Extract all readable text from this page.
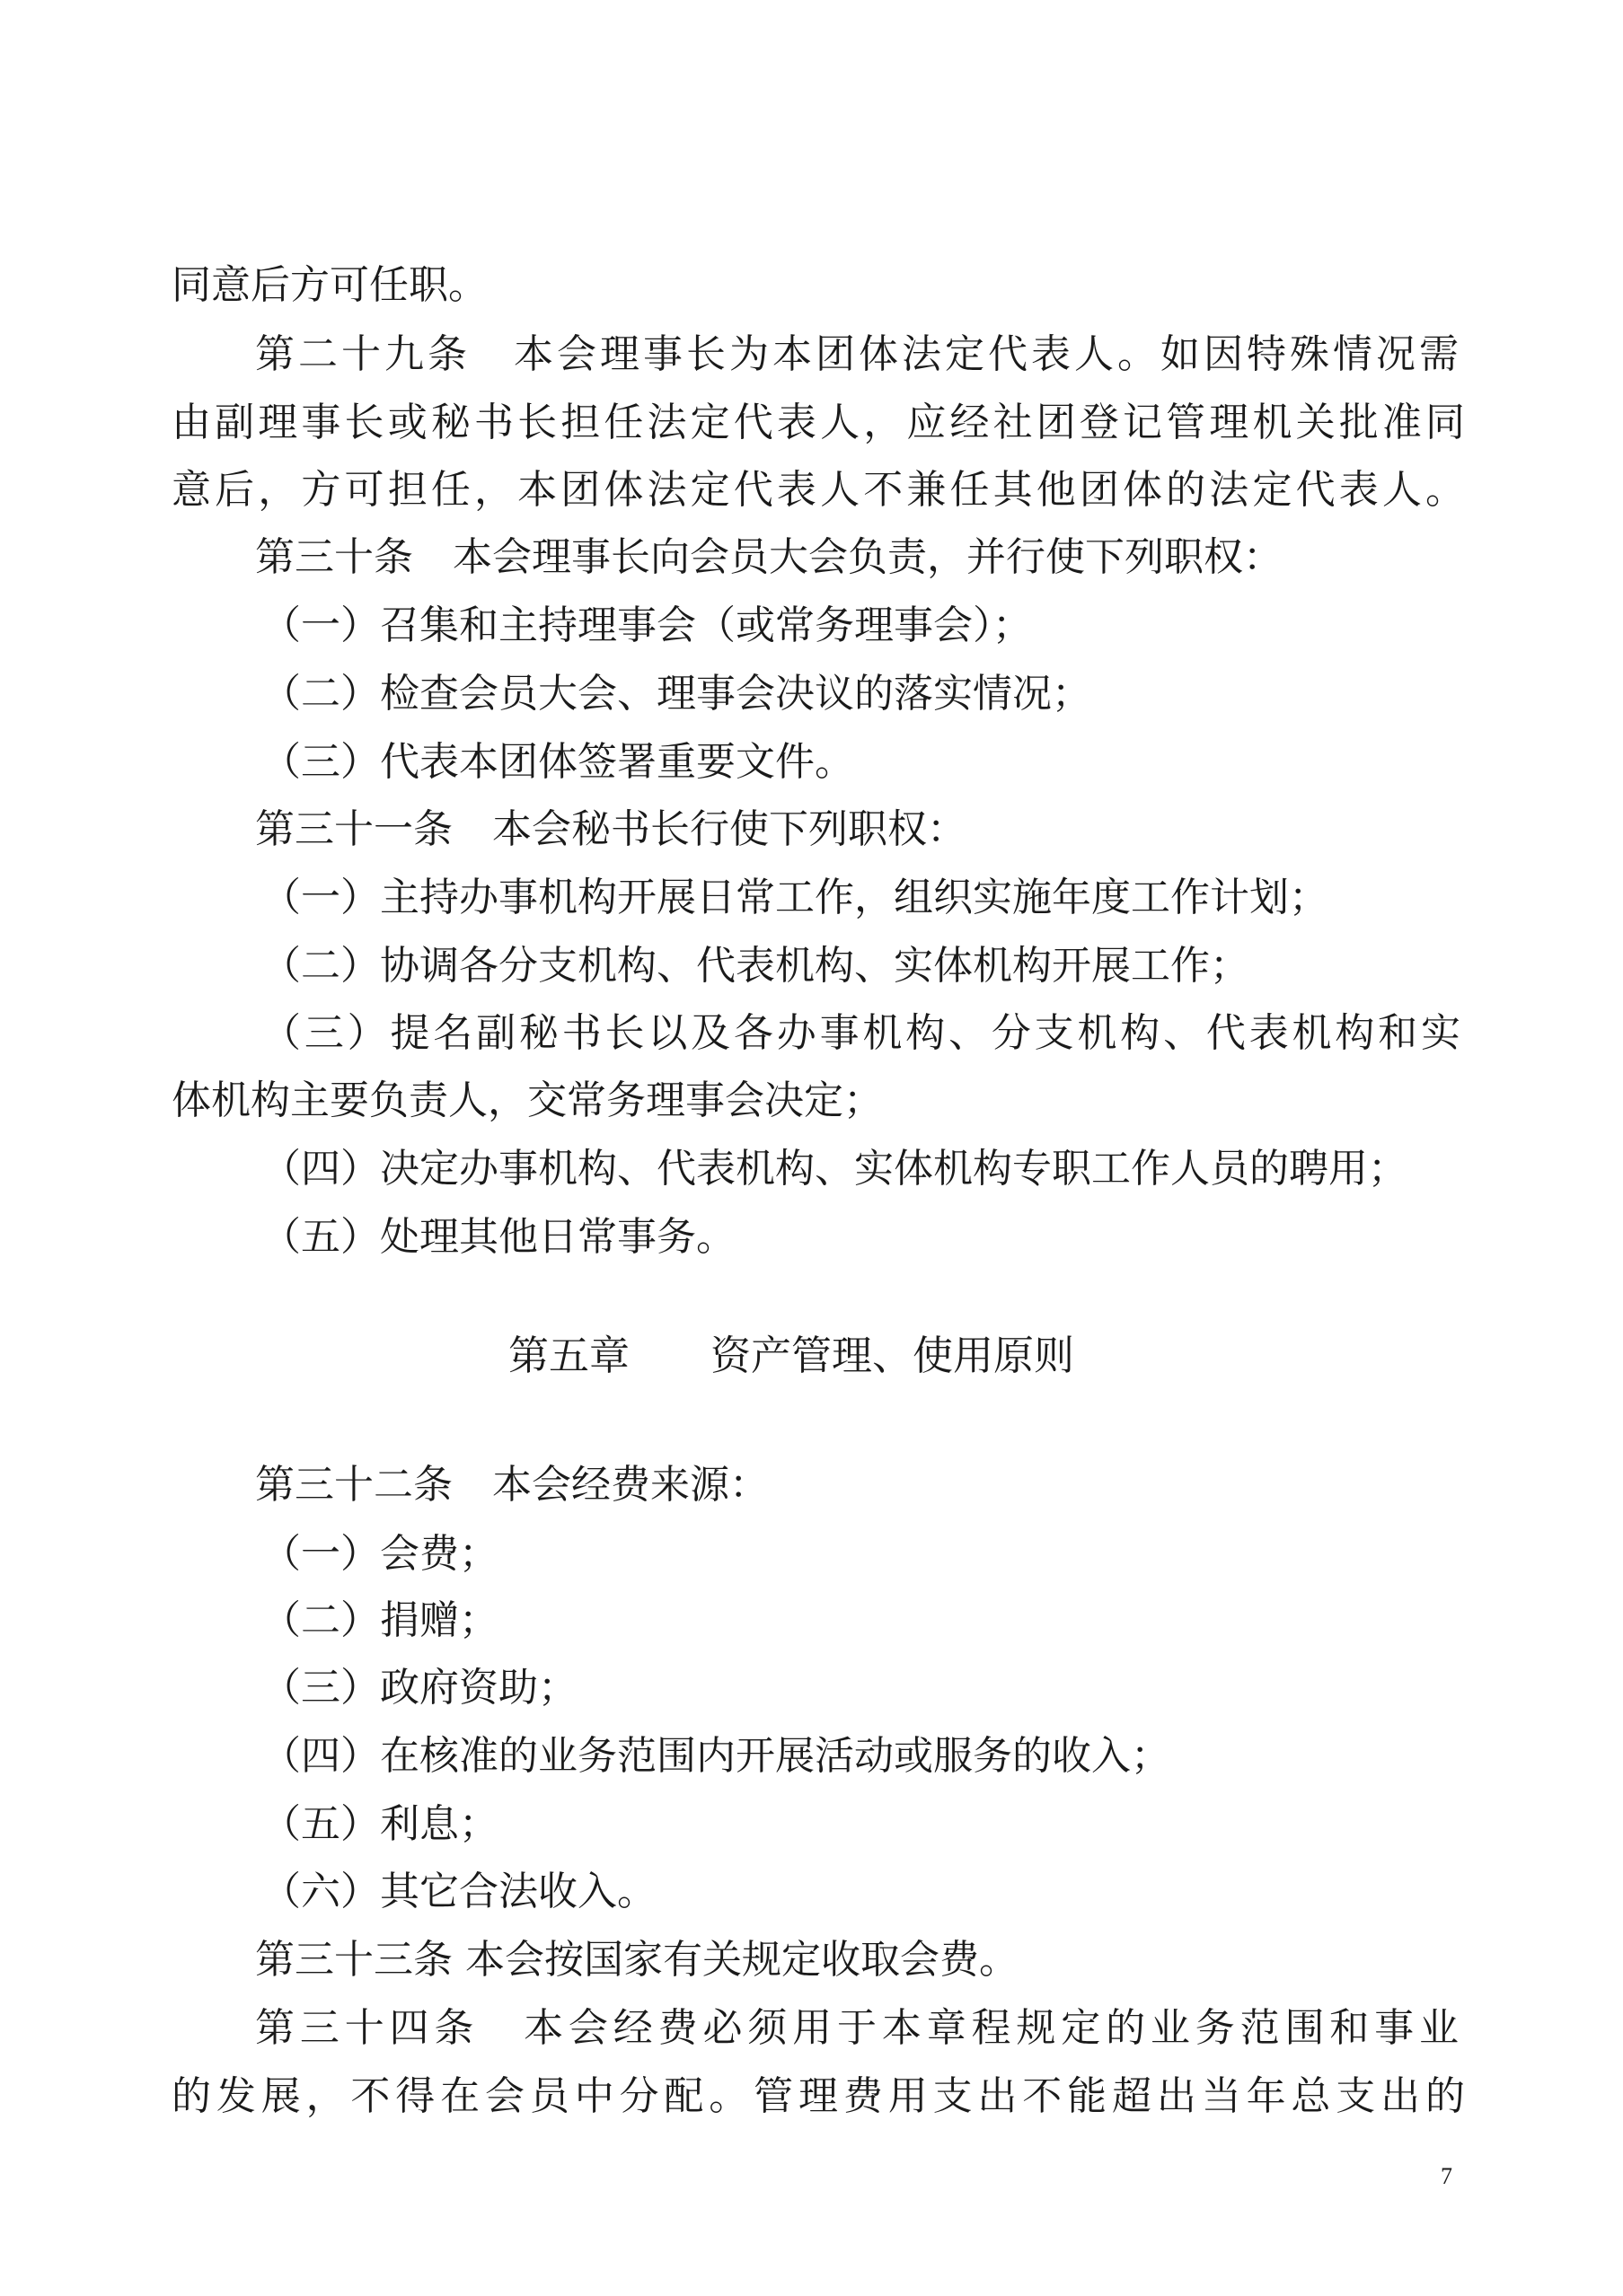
同意后方可任职。
第二十九条　本会理事长为本团体法定代表人。如因特殊情况需
由副理事长或秘书长担任法定代表人，应经社团登记管理机关批准同
意后，方可担任，本团体法定代表人不兼任其他团体的法定代表人。
第三十条　本会理事长向会员大会负责，并行使下列职权：
（一）召集和主持理事会（或常务理事会）；
（二）检查会员大会、理事会决议的落实情况；
（三）代表本团体签署重要文件。
第三十一条　本会秘书长行使下列职权：
（一）主持办事机构开展日常工作，组织实施年度工作计划；
（二）协调各分支机构、代表机构、实体机构开展工作；
（三）提名副秘书长以及各办事机构、分支机构、代表机构和实
体机构主要负责人，交常务理事会决定；
（四）决定办事机构、代表机构、实体机构专职工作人员的聘用；
（五）处理其他日常事务。
第五章　　资产管理、使用原则
第三十二条　本会经费来源：
（一）会费；
（二）捐赠；
（三）政府资助；
（四）在核准的业务范围内开展活动或服务的收入；
（五）利息；
（六）其它合法收入。
第三十三条 本会按国家有关规定收取会费。
第三十四条　本会经费必须用于本章程规定的业务范围和事业
的发展，不得在会员中分配。管理费用支出不能超出当年总支出的
7
